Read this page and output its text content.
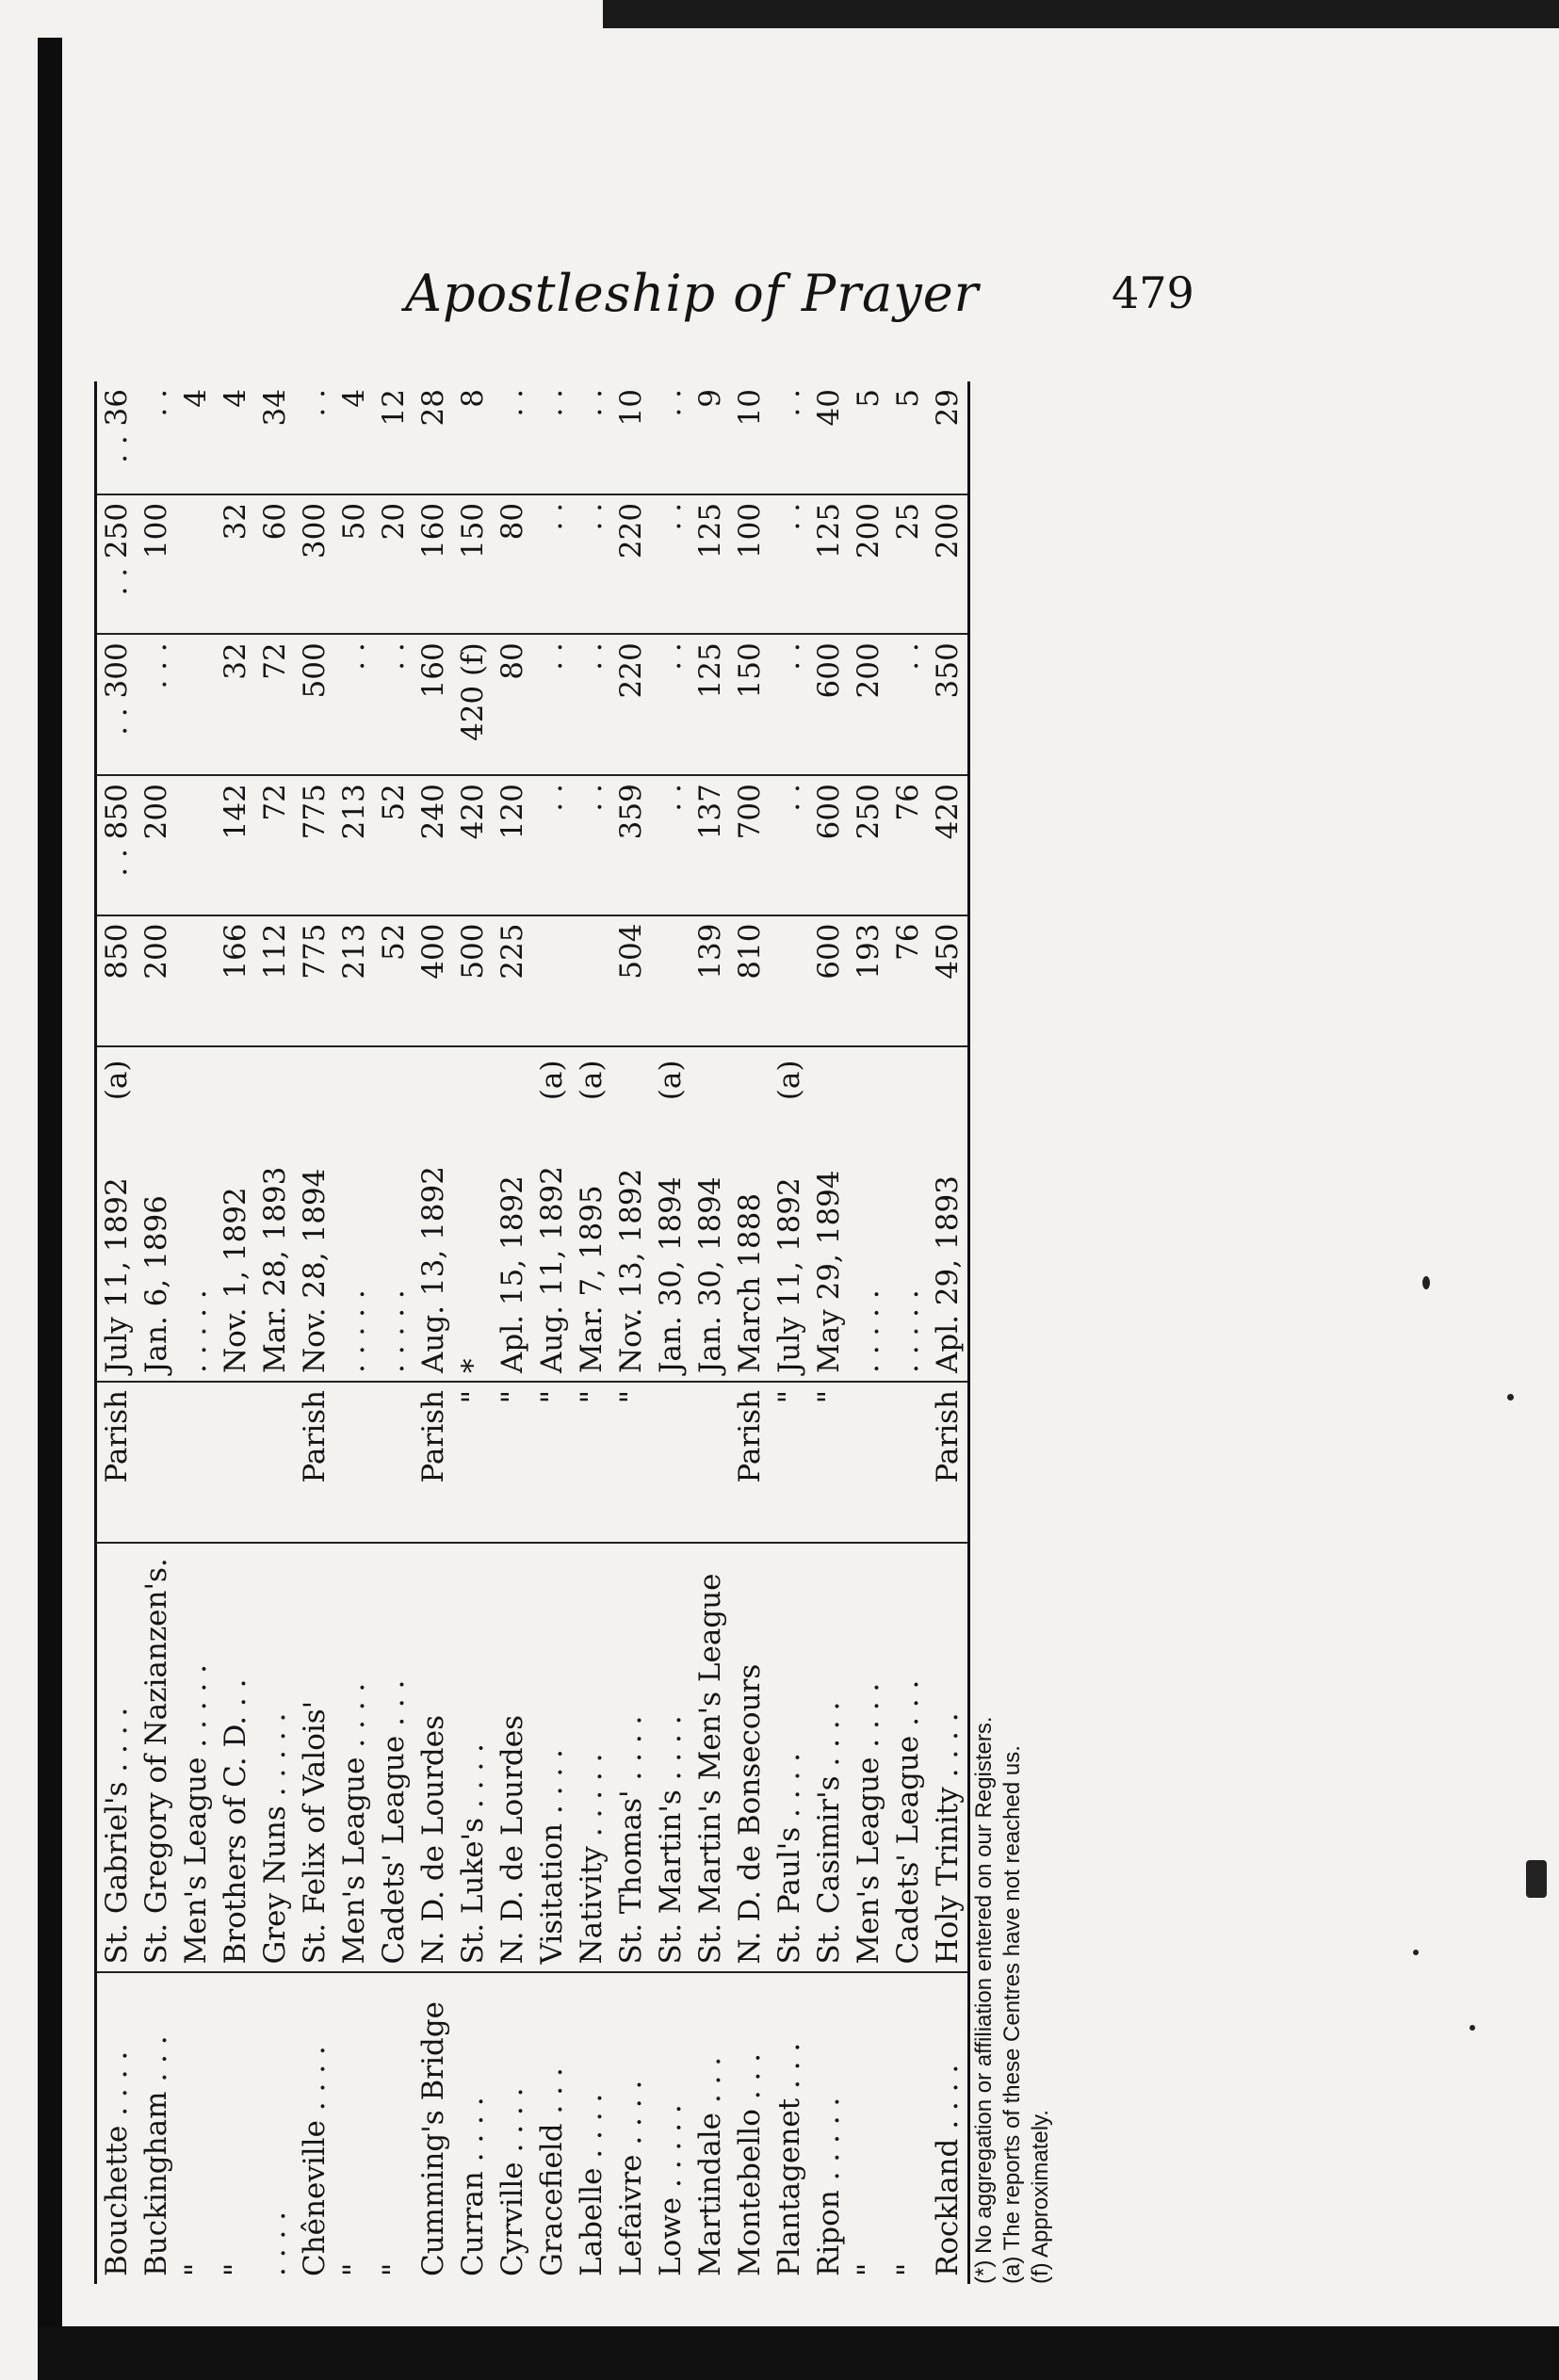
Apostleship of Prayer	479
Bouchette . . . .	St. Gabriel's . . . .	Parish	July 11, 1892	(a)	850	. . 850	. . 300	. . 250	. . 36
Buckingham . . .	St. Gregory of Nazianzen's.		Jan. 6, 1896		200	200	. . .	100	. .
"	Men's League . . . . .		. . . . .						4
"	Brothers of C. D. . .		Nov. 1, 1892		166	142	32	32	4
. . . .	Grey Nuns . . . . .		Mar. 28, 1893		112	72	72	60	34
Chêneville . . . .	St. Felix of Valois'	Parish	Nov. 28, 1894		775	775	500	300	. .
"	Men's League . . . .		. . . . .		213	213	. .	50	4
"	Cadets' League . . .		. . . . .		52	52	. .	20	12
Cumming's Bridge	N. D. de Lourdes	Parish	Aug. 13, 1892		400	240	160	160	28
Curran . . . .	St. Luke's . . . .	"	*		500	420	420 (f)	150	8
Cyrville . . . .	N. D. de Lourdes	"	Apl. 15, 1892		225	120	80	80	. .
Gracefield . . .	Visitation . . . .	"	Aug. 11, 1892	(a)		. .	. .	. .	. .
Labelle . . . .	Nativity . . . . .	"	Mar. 7, 1895	(a)		. .	. .	. .	. .
Lefaivre . . . .	St. Thomas' . . . .	"	Nov. 13, 1892		504	359	220	220	10
Lowe . . . . .	St. Martin's . . . .		Jan. 30, 1894	(a)		. .	. .	. .	. .
Martindale . . .	St. Martin's Men's League		Jan. 30, 1894		139	137	125	125	9
Montebello . . .	N. D. de Bonsecours	Parish	March 1888		810	700	150	100	10
Plantagenet . . .	St. Paul's . . . .	"	July 11, 1892	(a)		. .	. .	. .	. .
Ripon . . . . .	St. Casimir's . . . .	"	May 29, 1894		600	600	600	125	40
"	Men's League . . . .		. . . . .		193	250	200	200	5
"	Cadets' League . . .		. . . . .		76	76	. .	25	5
Rockland . . . .	Holy Trinity . . . .	Parish	Apl. 29, 1893		450	420	350	200	29
(*) No aggregation or affiliation entered on our Registers. (a) The reports of these Centres have not reached us. (f) Approximately.
